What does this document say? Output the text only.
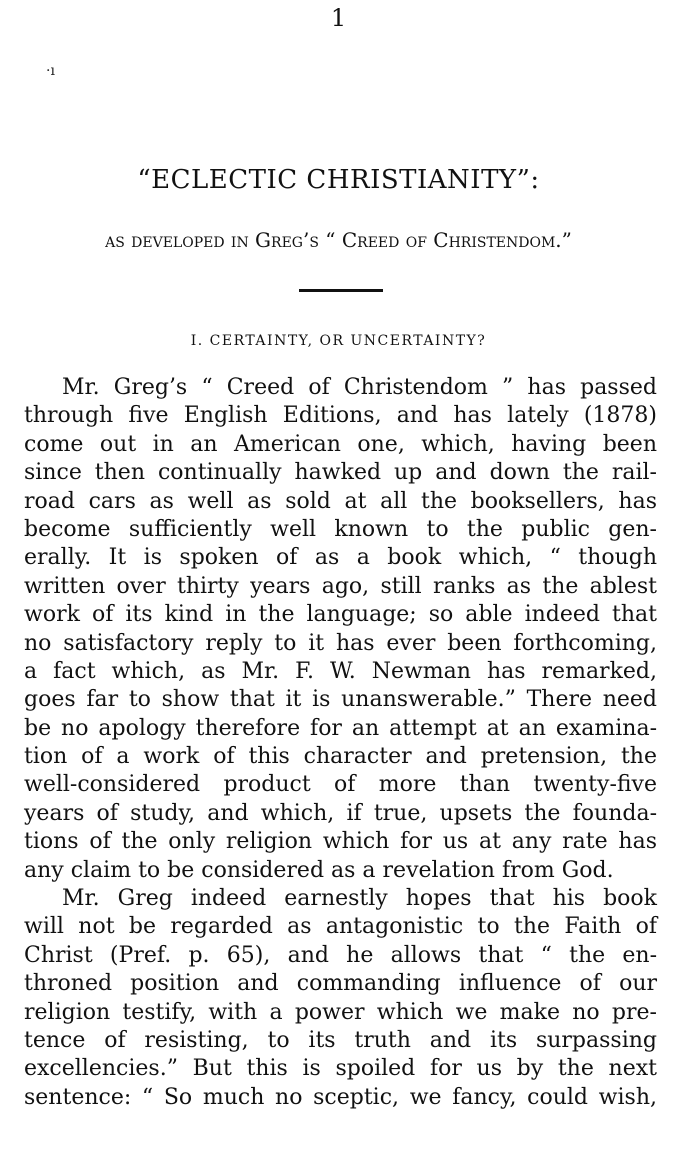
1
·ı
“ECLECTIC CHRISTIANITY”:
as developed in Greg’s “ Creed of Christendom.”
I. CERTAINTY, OR UNCERTAINTY?
Mr. Greg’s “ Creed of Christendom ” has passed
through five English Editions, and has lately (1878)
come out in an American one, which, having been
since then continually hawked up and down the rail-
road cars as well as sold at all the booksellers, has
become sufficiently well known to the public gen-
erally. It is spoken of as a book which, “ though
written over thirty years ago, still ranks as the ablest
work of its kind in the language; so able indeed that
no satisfactory reply to it has ever been forthcoming,
a fact which, as Mr. F. W. Newman has remarked,
goes far to show that it is unanswerable.” There need
be no apology therefore for an attempt at an examina-
tion of a work of this character and pretension, the
well-considered product of more than twenty-five
years of study, and which, if true, upsets the founda-
tions of the only religion which for us at any rate has
any claim to be considered as a revelation from God.
Mr. Greg indeed earnestly hopes that his book
will not be regarded as antagonistic to the Faith of
Christ (Pref. p. 65), and he allows that “ the en-
throned position and commanding influence of our
religion testify, with a power which we make no pre-
tence of resisting, to its truth and its surpassing
excellencies.” But this is spoiled for us by the next
sentence: “ So much no sceptic, we fancy, could wish,
